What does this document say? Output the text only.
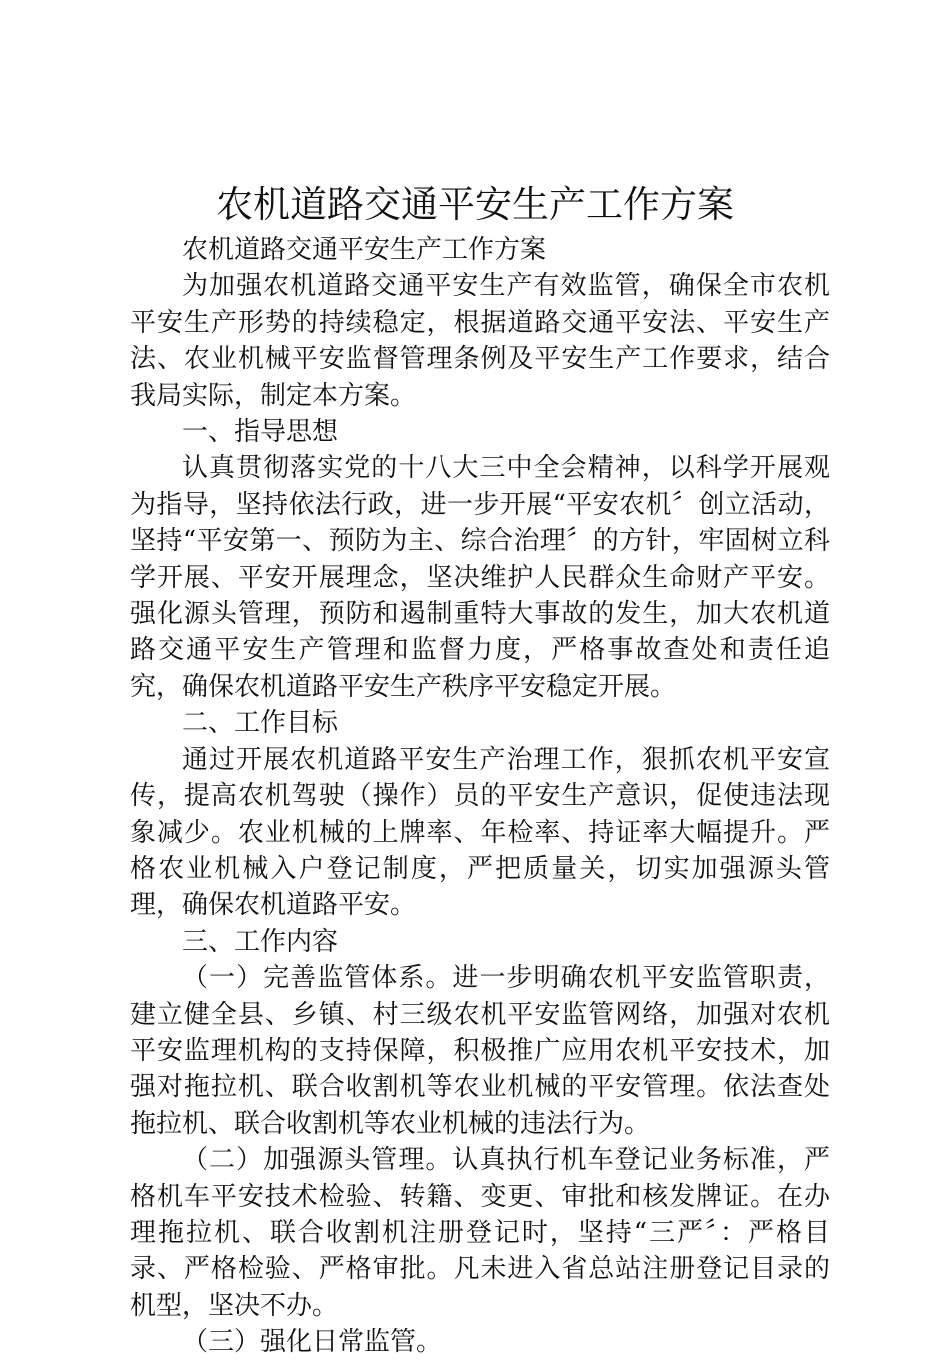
农机道路交通平安生产工作方案

农机道路交通平安生产工作方案

为加强农机道路交通平安生产有效监管，确保全市农机平安生产形势的持续稳定，根据道路交通平安法、平安生产法、农业机械平安监督管理条例及平安生产工作要求，结合我局实际，制定本方案。

一、指导思想

认真贯彻落实党的十八大三中全会精神，以科学开展观为指导，坚持依法行政，进一步开展“平安农机〞创立活动，坚持“平安第一、预防为主、综合治理〞的方针，牢固树立科学开展、平安开展理念，坚决维护人民群众生命财产平安。强化源头管理，预防和遏制重特大事故的发生，加大农机道路交通平安生产管理和监督力度，严格事故查处和责任追究，确保农机道路平安生产秩序平安稳定开展。

二、工作目标

通过开展农机道路平安生产治理工作，狠抓农机平安宣传，提高农机驾驶（操作）员的平安生产意识，促使违法现象减少。农业机械的上牌率、年检率、持证率大幅提升。严格农业机械入户登记制度，严把质量关，切实加强源头管理，确保农机道路平安。

三、工作内容

（一）完善监管体系。进一步明确农机平安监管职责，建立健全县、乡镇、村三级农机平安监管网络，加强对农机平安监理机构的支持保障，积极推广应用农机平安技术，加强对拖拉机、联合收割机等农业机械的平安管理。依法查处拖拉机、联合收割机等农业机械的违法行为。

（二）加强源头管理。认真执行机车登记业务标准，严格机车平安技术检验、转籍、变更、审批和核发牌证。在办理拖拉机、联合收割机注册登记时，坚持“三严〞：严格目录、严格检验、严格审批。凡未进入省总站注册登记目录的机型，坚决不办。

（三）强化日常监管。
